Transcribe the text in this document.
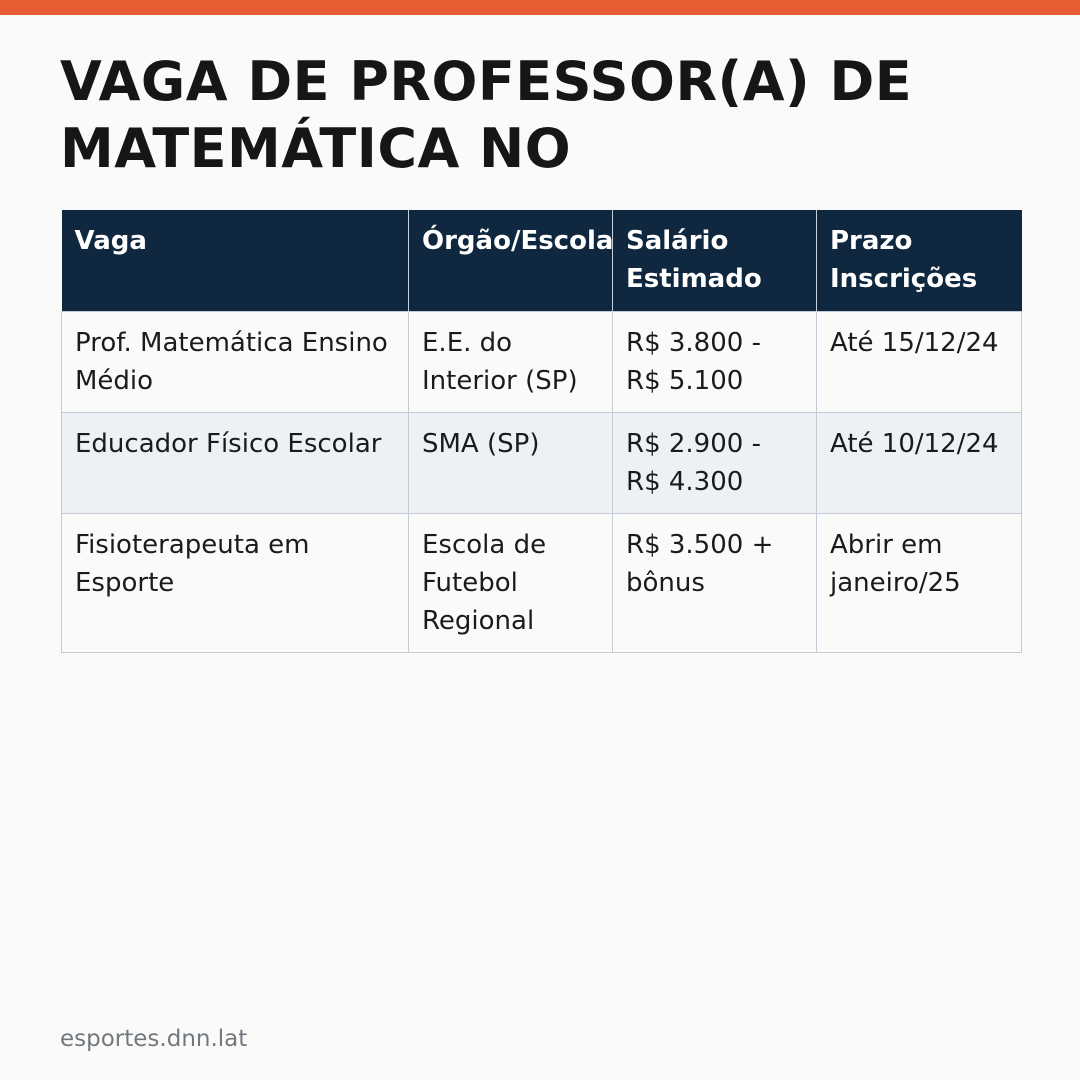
VAGA DE PROFESSOR(A) DE MATEMÁTICA NO
Vaga	Órgão/Escola	Salário Estimado	Prazo Inscrições
Prof. Matemática Ensino Médio	E.E. do Interior (SP)	R$ 3.800 - R$ 5.100	Até 15/12/24
Educador Físico Escolar	SMA (SP)	R$ 2.900 - R$ 4.300	Até 10/12/24
Fisioterapeuta em Esporte	Escola de Futebol Regional	R$ 3.500 + bônus	Abrir em janeiro/25
esportes.dnn.lat
